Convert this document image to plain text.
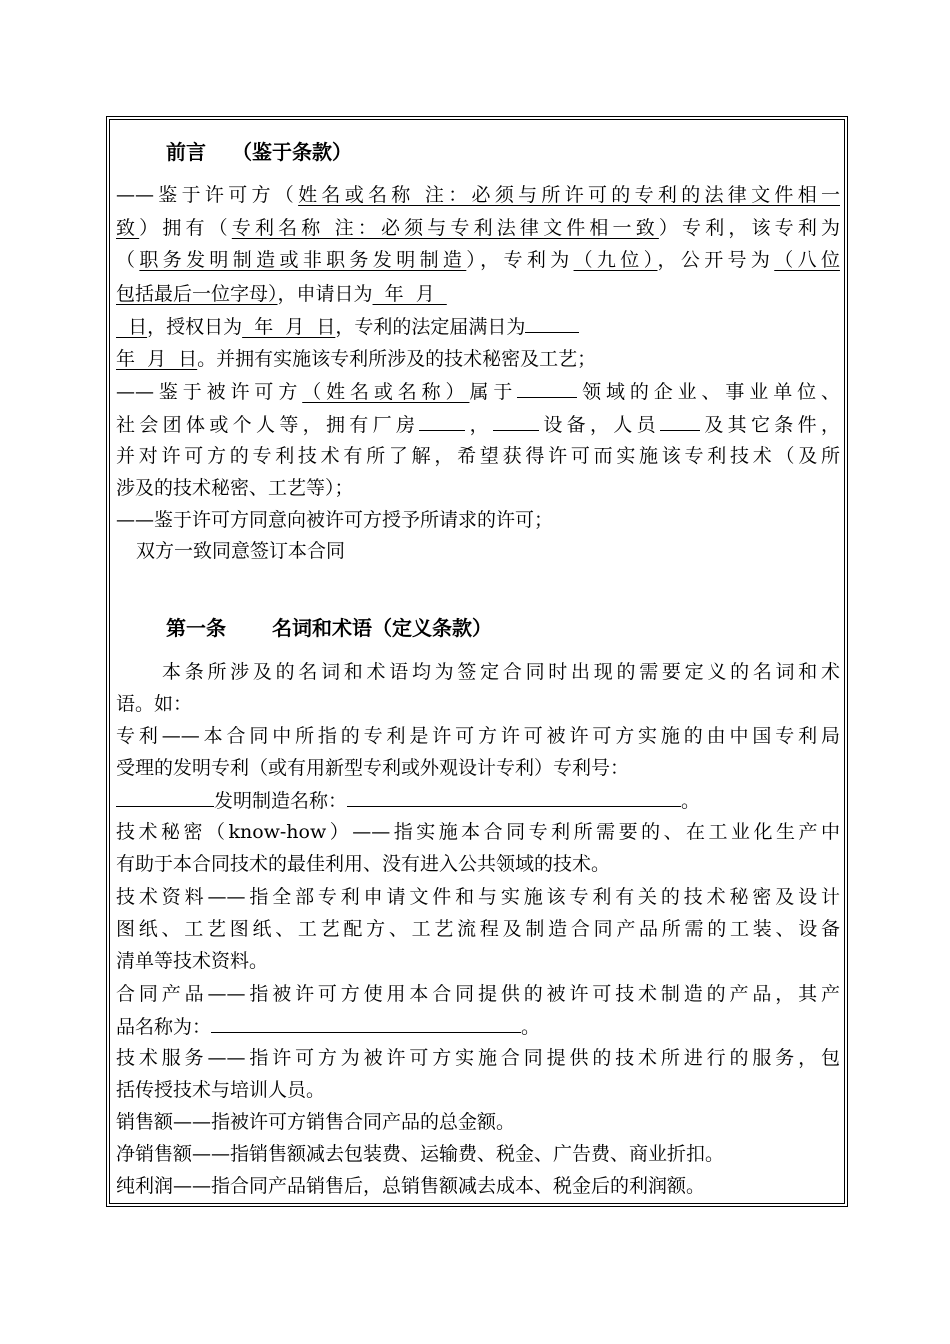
前言 （鉴于条款）
——鉴于许可方（姓名或名称 注：必须与所许可的专利的法律文件相一
致）拥有（专利名称 注：必须与专利法律文件相一致）专利，该专利为
（职务发明制造或非职务发明制造），专利为（九位），公开号为（八位
包括最后一位字母），申请日为  年  月
日，授权日为  年  月  日，专利的法定届满日为
年  月  日。并拥有实施该专利所涉及的技术秘密及工艺；
——鉴于被许可方（姓名或名称）属于	领域的企业、事业单位、
社会团体或个人等，拥有厂房 ， 设备，人员 及其它条件，
并对许可方的专利技术有所了解，希望获得许可而实施该专利技术（及所
涉及的技术秘密、工艺等）；
——鉴于许可方同意向被许可方授予所请求的许可；
双方一致同意签订本合同
第一条 名词和术语（定义条款）
本条所涉及的名词和术语均为签定合同时出现的需要定义的名词和术
语。如：
专利——本合同中所指的专利是许可方许可被许可方实施的由中国专利局
受理的发明专利（或有用新型专利或外观设计专利）专利号：
发明制造名称：	。
技术秘密（know-how）——指实施本合同专利所需要的、在工业化生产中
有助于本合同技术的最佳利用、没有进入公共领域的技术。
技术资料——指全部专利申请文件和与实施该专利有关的技术秘密及设计
图纸、工艺图纸、工艺配方、工艺流程及制造合同产品所需的工装、设备
清单等技术资料。
合同产品——指被许可方使用本合同提供的被许可技术制造的产品，其产
品名称为：	。
技术服务——指许可方为被许可方实施合同提供的技术所进行的服务，包
括传授技术与培训人员。
销售额——指被许可方销售合同产品的总金额。
净销售额——指销售额减去包装费、运输费、税金、广告费、商业折扣。
纯利润——指合同产品销售后，总销售额减去成本、税金后的利润额。
